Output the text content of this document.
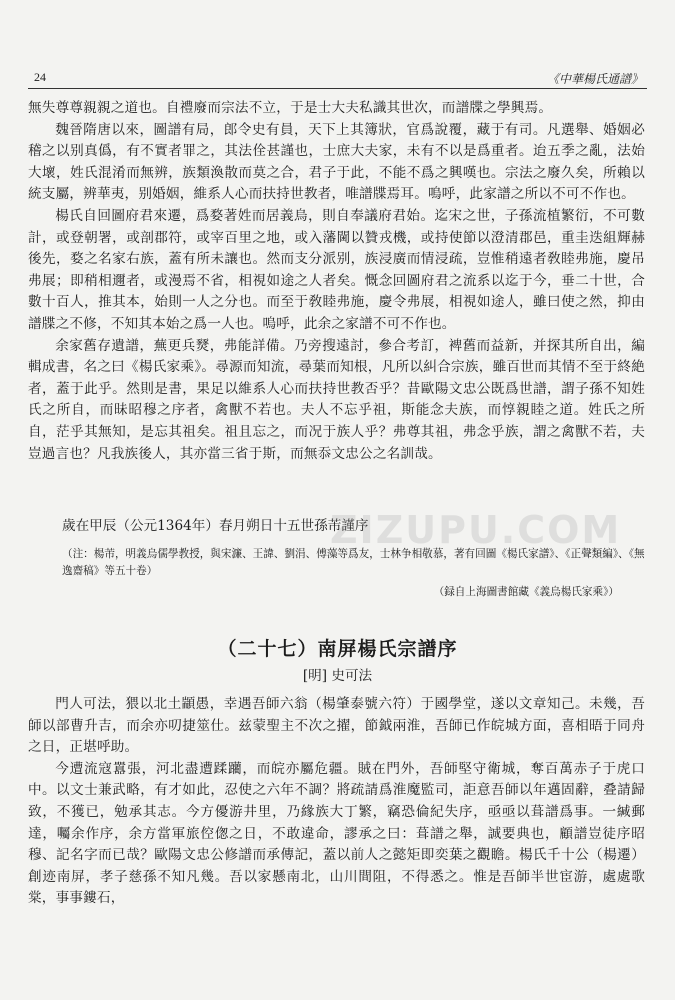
24	《中華楊氏通譜》

無失尊尊親親之道也。自禮廢而宗法不立，于是士大夫私識其世次，而譜牒之學興焉。

魏晉隋唐以來，圖譜有局，郎令史有員，天下上其簿狀，官爲說覆，藏于有司。凡選舉、婚姻必稽之以别真僞，有不實者罪之，其法佺甚謹也，士庶大夫家，未有不以是爲重者。迨五季之亂，法始大壞，姓氏混淆而無辨，族類渙散而莫之合，君子于此，不能不爲之興嘆也。宗法之廢久矣，所賴以統支屬，辨華夷，别婚姻，維系人心而扶持世教者，唯譜牒焉耳。嗚呼，此家譜之所以不可不作也。

楊氏自回圖府君來遷，爲婺著姓而居義烏，則自奉議府君始。迄宋之世，子孫流植繁衍，不可數計，或登朝署，或剖郡符，或宰百里之地，或入藩閫以贊戎機，或持使節以澄清郡邑，重圭迭組輝赫後先，婺之名家右族，蓋有所未讓也。然而支分派别，族浸廣而情浸疏，豈惟稍遠者敎睦弗施，慶吊弗展；即稍相邇者，或漫焉不省，相視如途之人者矣。慨念回圖府君之流系以迄于今，垂二十世，合數十百人，推其本，始則一人之分也。而至于敎睦弗施，慶令弗展，相視如途人，雖曰使之然，抑由譜牒之不修，不知其本始之爲一人也。嗚呼，此余之家譜不可不作也。

余家舊存遺譜，蕪更兵燹，弗能詳備。乃旁搜遠討，參合考訂，裨舊而益新，并探其所自出，編輯成書，名之曰《楊氏家乘》。尋源而知流，尋葉而知根，凡所以糾合宗族，雖百世而其情不至于終絶者，蓋于此乎。然則是書，果足以維系人心而扶持世教否乎？昔歐陽文忠公既爲世譜，謂子孫不知姓氏之所自，而昧昭穆之序者，禽獸不若也。夫人不忘乎祖，斯能念夫族，而惇親睦之道。姓氏之所自，茫乎其無知，是忘其祖矣。祖且忘之，而况于族人乎？弗尊其祖，弗念乎族，謂之禽獸不若，夫豈過言也？凡我族後人，其亦當三省于斯，而無忝文忠公之名訓哉。

歲在甲辰（公元1364年）春月朔日十五世孫芾謹序
（注：楊芾，明義烏儒學教授，與宋濂、王諱、劉涓、傅藻等爲友，士林争相敬慕，著有回圖《楊氏家譜》、《正聲類編》、《無逸齋稿》等五十卷）
（録自上海圖書館藏《義烏楊氏家乘》）
ZIZUPU.COM
（二十七）南屏楊氏宗譜序
[明] 史可法

門人可法，猥以北土顓愚，幸遇吾師六翁（楊肇泰號六符）于國學堂，遂以文章知己。未幾，吾師以部曹升吉，而余亦叨捷筮仕。兹蒙聖主不次之擢，節鉞兩淮，吾師已作皖城方面，喜相晤于同舟之日，正堪呼助。

今遭流寇囂張，河北盡遭蹂躪，而皖亦屬危疆。賊在門外，吾師堅守衛城，奪百萬赤子于虎口中。以文士兼武略，有才如此，忍使之六年不調？將疏請爲淮魔監司，詎意吾師以年邁固辭，叠請歸致，不獲已，勉承其志。今方優游井里，乃緣族大丁繁，竊恐倫紀失序，亟亟以葺譜爲事。一緘郵達，囑余作序，余方當軍旅倥偬之日，不敢違命，謬承之曰：葺譜之舉，誠要典也，顧譜豈徒序昭穆、記名字而已哉？歐陽文忠公修譜而承傳記，蓋以前人之懿矩即奕葉之觀瞻。楊氏千十公（楊遷）創迹南屏，孝子慈孫不知凡幾。吾以家懸南北，山川間阻，不得悉之。惟是吾師半世宦游，處處歌棠，事事鏤石，
